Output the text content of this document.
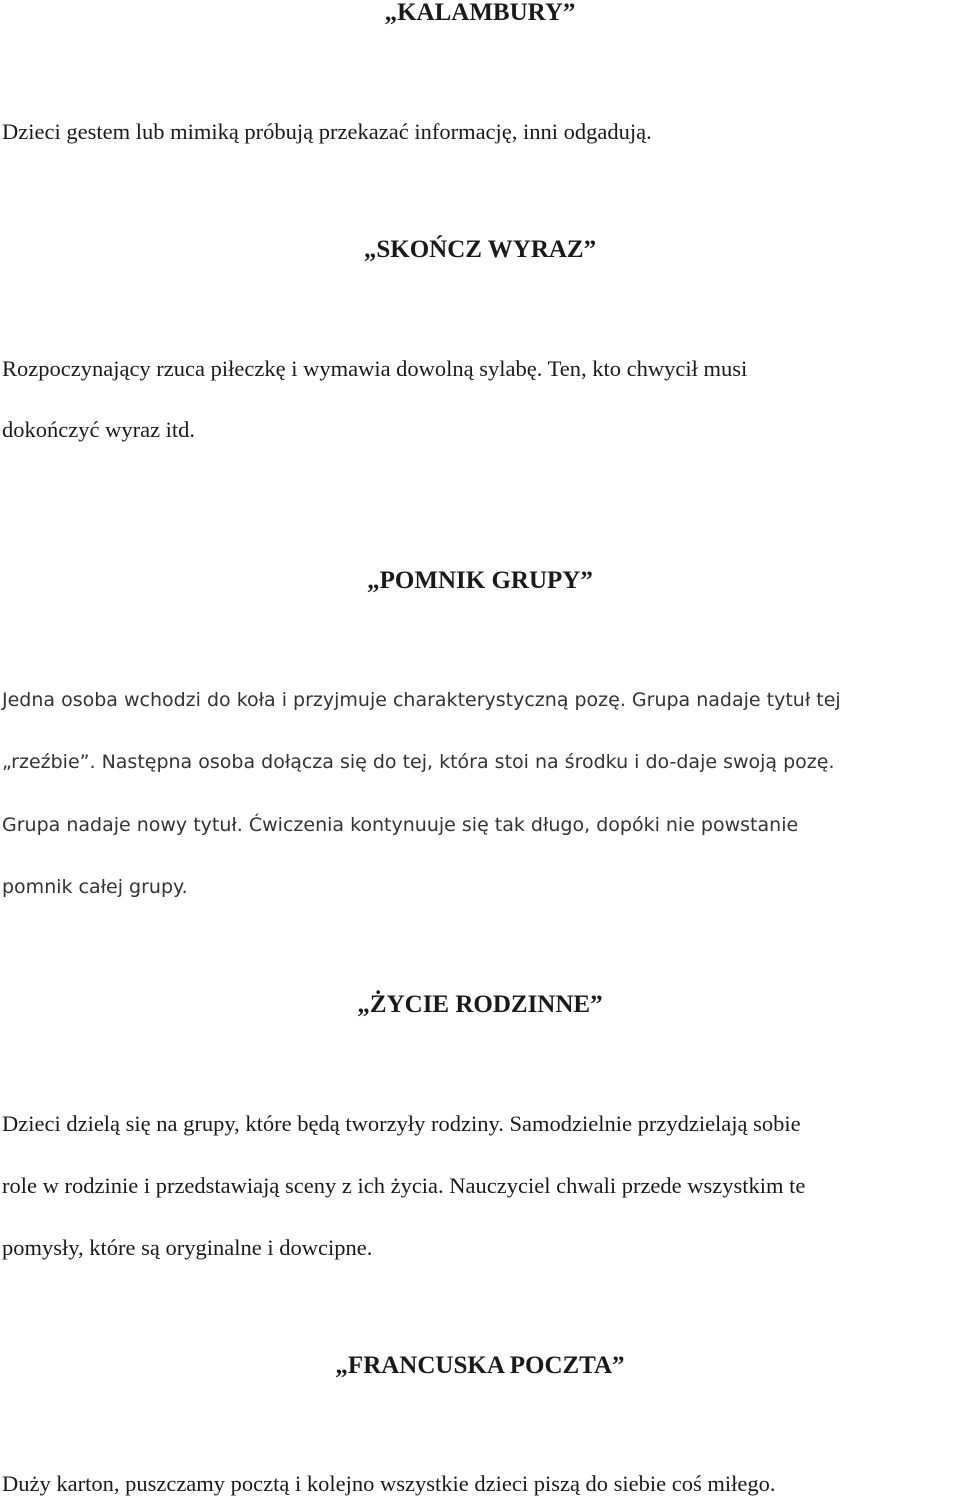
„KALAMBURY”
Dzieci gestem lub mimiką próbują przekazać informację, inni odgadują.
„SKOŃCZ WYRAZ”
Rozpoczynający rzuca piłeczkę i wymawia dowolną sylabę. Ten, kto chwycił musi
dokończyć wyraz itd.
„POMNIK GRUPY”
Jedna osoba wchodzi do koła i przyjmuje charakterystyczną pozę. Grupa nadaje tytuł tej
„rzeźbie”. Następna osoba dołącza się do tej, która stoi na środku i do-daje swoją pozę.
Grupa nadaje nowy tytuł. Ćwiczenia kontynuuje się tak długo, dopóki nie powstanie
pomnik całej grupy.
„ŻYCIE RODZINNE”
Dzieci dzielą się na grupy, które będą tworzyły rodziny. Samodzielnie przydzielają sobie
role w rodzinie i przedstawiają sceny z ich życia. Nauczyciel chwali przede wszystkim te
pomysły, które są oryginalne i dowcipne.
„FRANCUSKA POCZTA”
Duży karton, puszczamy pocztą i kolejno wszystkie dzieci piszą do siebie coś miłego.
